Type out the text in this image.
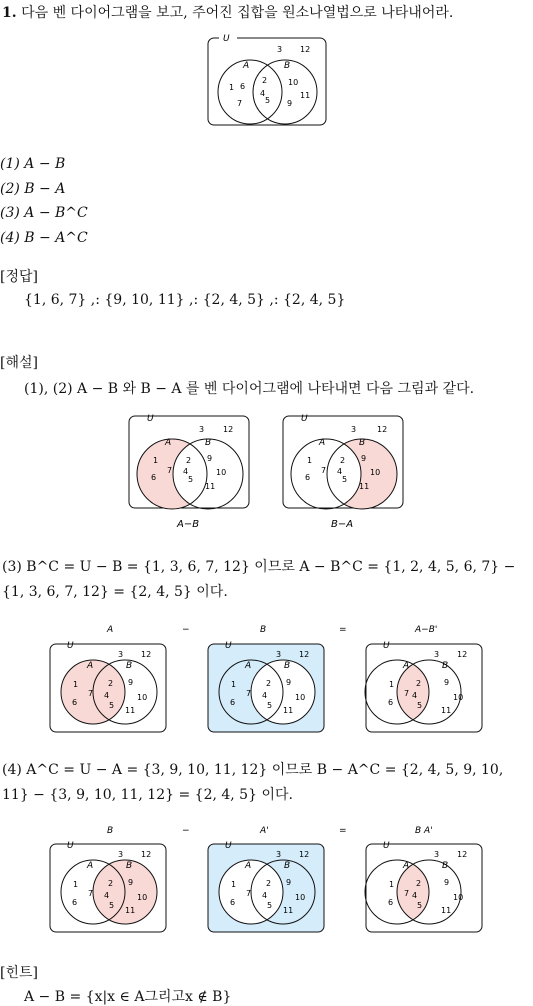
1. 다음 벤 다이어그램을 보고, 주어진 집합을 원소나열법으로 나타내어라.
U
A	B
3 12
1 6
7
2
4
5
10
9
11
(1) A − B
(2) B − A
(3) A − B^C
(4) B − A^C
[정답]
{1, 6, 7} ,: {9, 10, 11} ,: {2, 4, 5} ,: {2, 4, 5}
[해설]
(1), (2) A − B 와 B − A 를 벤 다이어그램에 나타내면 다음 그림과 같다.
U
3 12
A	B
1
6
7
2
4
5
9
10
11
U
3	12
A	B
1
6
7
2
4
5
9
10
11
A−B	B−A
(3) B^C = U − B = {1, 3, 6, 7, 12} 이므로 A − B^C = {1, 2, 4, 5, 6, 7} − {1, 3, 6, 7, 12} = {2, 4, 5} 이다.
A	−	B	=	A−B'
U
3 12
A	B
1
6
7
2
4
5
9
10
11
U
3 12
A	B
1
6
7
2
4
5
9
10
11
U
3 12
A	B
1
6
7
2
4
5
9
10
11
(4) A^C = U − A = {3, 9, 10, 11, 12} 이므로 B − A^C = {2, 4, 5, 9, 10, 11} − {3, 9, 10, 11, 12} = {2, 4, 5} 이다.
B	−	A'	=	B A'
U
3 12
A	B
1
6
7
2
4
5
9
10
11
U
3 12
A	B
1
6
7
2
4
5
9
10
11
U
3 12
A	B
1
6
7
2
4
5
9
10
11
[힌트]
A − B = {x|x ∈ A그리고x ∉ B}
